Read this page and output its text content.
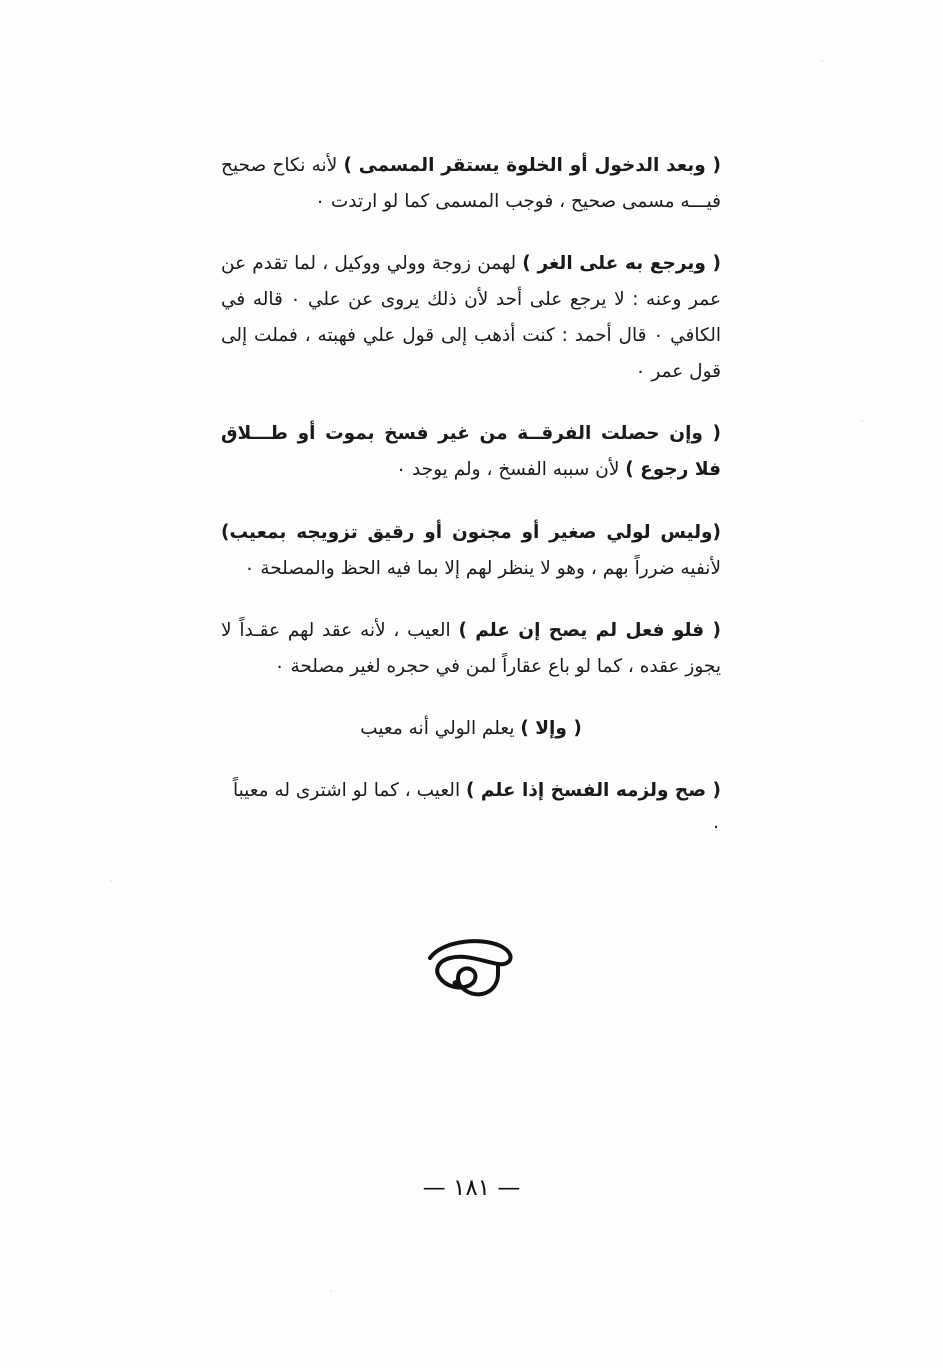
( وبعد الدخول أو الخلوة يستقر المسمى ) لأنه نكاح صحيح فيـــه مسمى صحيح ، فوجب المسمى كما لو ارتدت ٠

( ويرجع به على الغر ) لهمن زوجة وولي ووكيل ، لما تقدم عن عمر وعنه : لا يرجع على أحد لأن ذلك يروى عن علي ٠ قاله في الكافي ٠ قال أحمد : كنت أذهب إلى قول علي فهبته ، فملت إلى قول عمر ٠

( وإن حصلت الفرقــة من غير فسخ بموت أو طـــلاق فلا رجوع ) لأن سببه الفسخ ، ولم يوجد ٠

(وليس لولي صغير أو مجنون أو رقيق تزويجه بمعيب) لأنفيه ضرراً بهم ، وهو لا ينظر لهم إلا بما فيه الحظ والمصلحة ٠

( فلو فعل لم يصح إن علم ) العيب ، لأنه عقد لهم عقـداً لا يجوز عقده ، كما لو باع عقاراً لمن في حجره لغير مصلحة ٠

( وإلا ) يعلم الولي أنه معيب

( صح ولزمه الفسخ إذا علم ) العيب ، كما لو اشترى له معيباً ٠

— ١٨١ —
